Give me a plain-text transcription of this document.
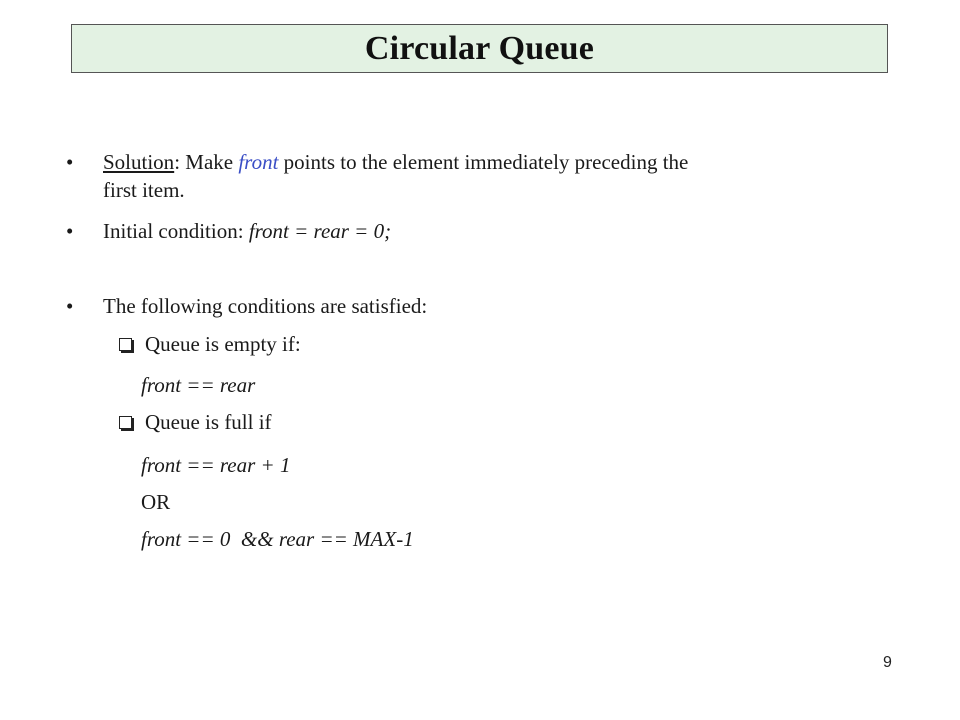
Circular Queue
• Solution: Make front points to the element immediately preceding the
first item.
• Initial condition: front = rear = 0;
• The following conditions are satisfied:
Queue is empty if:
front == rear
Queue is full if
front == rear + 1
OR
front == 0  && rear == MAX-1
9
